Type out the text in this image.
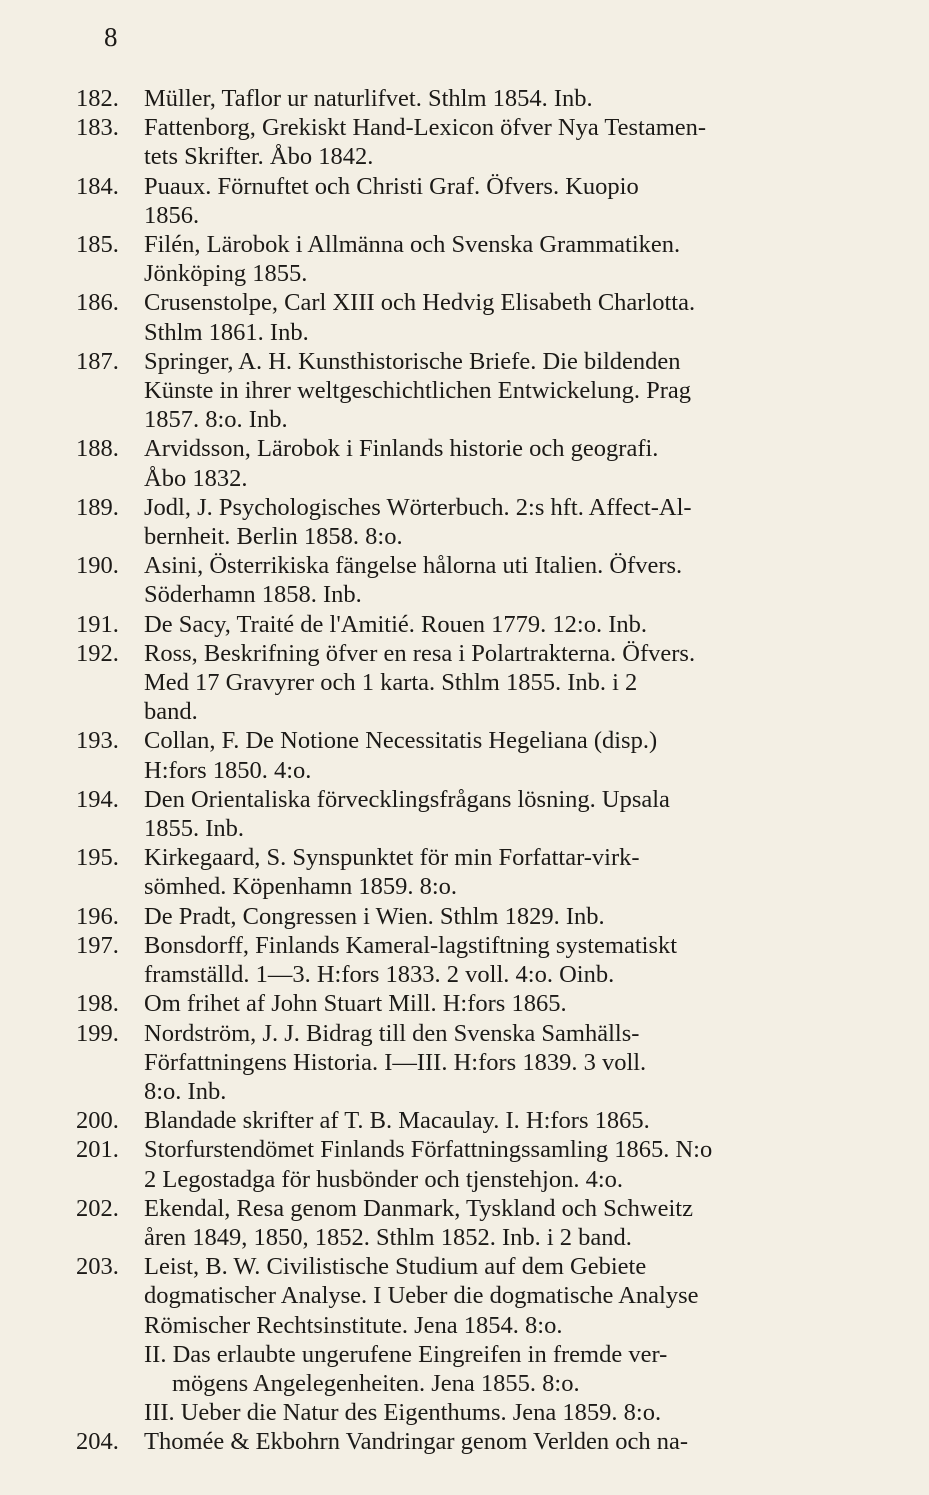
8
182.	Müller, Taflor ur naturlifvet. Sthlm 1854. Inb.
183.	Fattenborg, Grekiskt Hand-Lexicon öfver Nya Testamen-
tets Skrifter. Åbo 1842.
184.	Puaux. Förnuftet och Christi Graf. Öfvers. Kuopio
1856.
185.	Filén, Lärobok i Allmänna och Svenska Grammatiken.
Jönköping 1855.
186.	Crusenstolpe, Carl XIII och Hedvig Elisabeth Charlotta.
Sthlm 1861. Inb.
187.	Springer, A. H. Kunsthistorische Briefe. Die bildenden
Künste in ihrer weltgeschichtlichen Entwickelung. Prag
1857. 8:o. Inb.
188.	Arvidsson, Lärobok i Finlands historie och geografi.
Åbo 1832.
189.	Jodl, J. Psychologisches Wörterbuch. 2:s hft. Affect-Al-
bernheit. Berlin 1858. 8:o.
190.	Asini, Österrikiska fängelse hålorna uti Italien. Öfvers.
Söderhamn 1858. Inb.
191.	De Sacy, Traité de l'Amitié. Rouen 1779. 12:o. Inb.
192.	Ross, Beskrifning öfver en resa i Polartrakterna. Öfvers.
Med 17 Gravyrer och 1 karta. Sthlm 1855. Inb. i 2
band.
193.	Collan, F. De Notione Necessitatis Hegeliana (disp.)
H:fors 1850. 4:o.
194.	Den Orientaliska förvecklingsfrågans lösning. Upsala
1855. Inb.
195.	Kirkegaard, S. Synspunktet för min Forfattar-virk-
sömhed. Köpenhamn 1859. 8:o.
196.	De Pradt, Congressen i Wien. Sthlm 1829. Inb.
197.	Bonsdorff, Finlands Kameral-lagstiftning systematiskt
framställd. 1—3. H:fors 1833. 2 voll. 4:o. Oinb.
198.	Om frihet af John Stuart Mill. H:fors 1865.
199.	Nordström, J. J. Bidrag till den Svenska Samhälls-
Författningens Historia. I—III. H:fors 1839. 3 voll.
8:o. Inb.
200.	Blandade skrifter af T. B. Macaulay. I. H:fors 1865.
201.	Storfurstendömet Finlands Författningssamling 1865. N:o
2 Legostadga för husbönder och tjenstehjon. 4:o.
202.	Ekendal, Resa genom Danmark, Tyskland och Schweitz
åren 1849, 1850, 1852. Sthlm 1852. Inb. i 2 band.
203.	Leist, B. W. Civilistische Studium auf dem Gebiete
dogmatischer Analyse. I Ueber die dogmatische Analyse
Römischer Rechtsinstitute. Jena 1854. 8:o.
II. Das erlaubte ungerufene Eingreifen in fremde ver-
mögens Angelegenheiten. Jena 1855. 8:o.
III. Ueber die Natur des Eigenthums. Jena 1859. 8:o.
204.	Thomée & Ekbohrn Vandringar genom Verlden och na-
